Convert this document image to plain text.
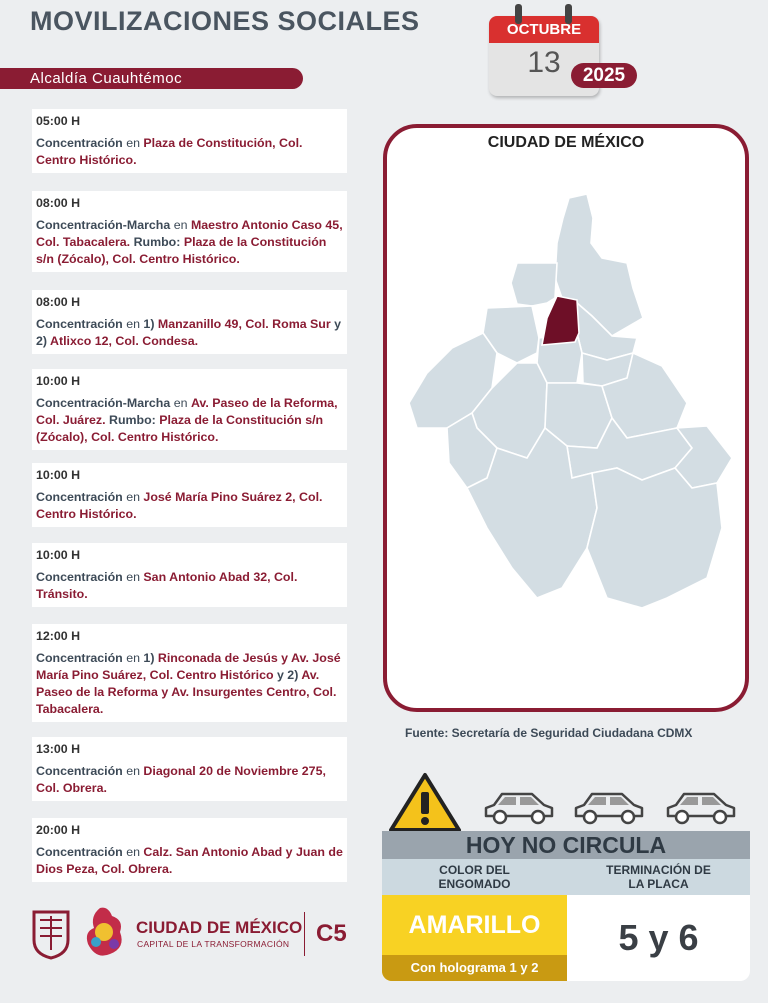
MOVILIZACIONES SOCIALES
Alcaldía Cuauhtémoc
OCTUBRE
13	2025
05:00 H
Concentración en Plaza de Constitución, Col. Centro Histórico.
08:00 H
Concentración-Marcha en Maestro Antonio Caso 45, Col. Tabacalera. Rumbo: Plaza de la Constitución s/n (Zócalo), Col. Centro Histórico.
08:00 H
Concentración en 1) Manzanillo 49, Col. Roma Sur y 2) Atlixco 12, Col. Condesa.
10:00 H
Concentración-Marcha en Av. Paseo de la Reforma, Col. Juárez. Rumbo: Plaza de la Constitución s/n (Zócalo), Col. Centro Histórico.
10:00 H
Concentración en José María Pino Suárez 2, Col. Centro Histórico.
10:00 H
Concentración en San Antonio Abad 32, Col. Tránsito.
12:00 H
Concentración en 1) Rinconada de Jesús y Av. José María Pino Suárez, Col. Centro Histórico y 2) Av. Paseo de la Reforma y Av. Insurgentes Centro, Col. Tabacalera.
13:00 H
Concentración en Diagonal 20 de Noviembre 275, Col. Obrera.
20:00 H
Concentración en Calz. San Antonio Abad y Juan de Dios Peza, Col. Obrera.
CIUDAD DE MÉXICO
Fuente: Secretaría de Seguridad Ciudadana CDMX
HOY NO CIRCULA
COLOR DEL
ENGOMADO
TERMINACIÓN DE
LA PLACA
AMARILLO
Con holograma 1 y 2
5 y 6
CIUDAD DE MÉXICO
CAPITAL DE LA TRANSFORMACIÓN C5
